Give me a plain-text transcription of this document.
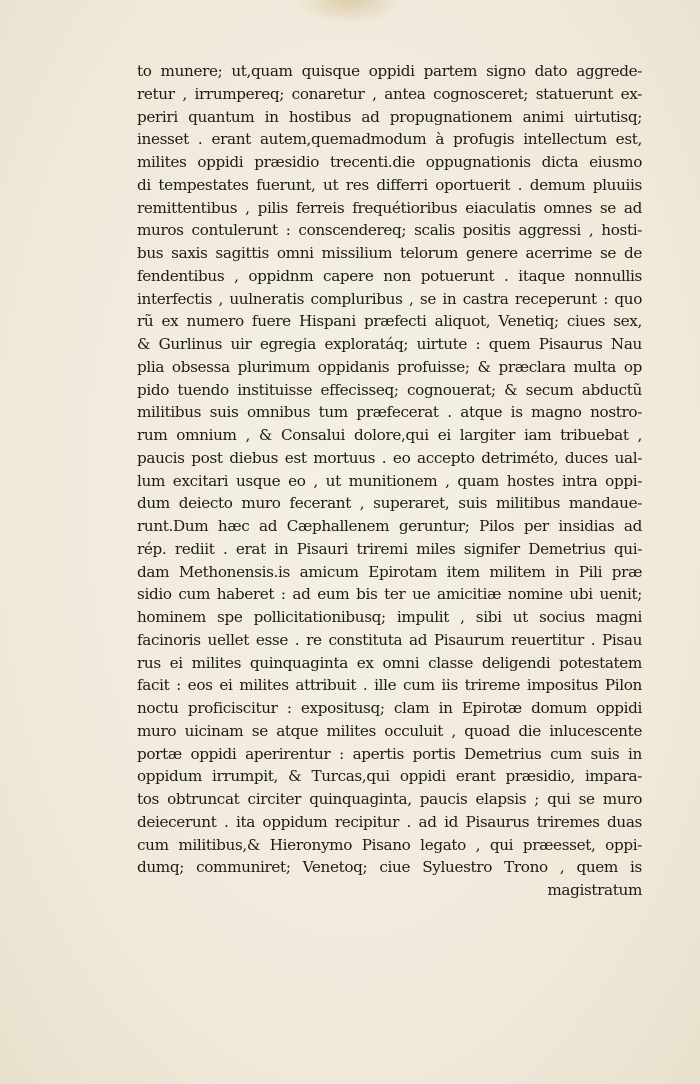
to munere; ut,quam quisque oppidi partem signo dato aggrede-
retur , irrumpereq; conaretur , antea cognosceret; statuerunt ex-
periri quantum in hostibus ad propugnationem animi uirtutisq;
inesset . erant autem,quemadmodum à profugis intellectum est,
milites oppidi præsidio trecenti.die oppugnationis dicta eiusmo
di tempestates fuerunt, ut res differri oportuerit . demum pluuiis
remittentibus , pilis ferreis frequétioribus eiaculatis omnes se ad
muros contulerunt : conscendereq; scalis positis aggressi , hosti-
bus saxis sagittis omni missilium telorum genere acerrime se de
fendentibus , oppidnm capere non potuerunt . itaque nonnullis
interfectis , uulneratis compluribus , se in castra receperunt : quo
rũ ex numero fuere Hispani præfecti aliquot, Venetiq; ciues sex,
& Gurlinus uir egregia exploratáq; uirtute : quem Pisaurus Nau
plia obsessa plurimum oppidanis profuisse; & præclara multa op
pido tuendo instituisse effecisseq; cognouerat; & secum abductũ
militibus suis omnibus tum præfecerat . atque is magno nostro-
rum omnium , & Consalui dolore,qui ei largiter iam tribuebat ,
paucis post diebus est mortuus . eo accepto detriméto, duces ual-
lum excitari usque eo , ut munitionem , quam hostes intra oppi-
dum deiecto muro fecerant , superaret, suis militibus mandaue-
runt.Dum hæc ad Cæphallenem geruntur; Pilos per insidias ad
rép. rediit . erat in Pisauri triremi miles signifer Demetrius qui-
dam Methonensis.is amicum Epirotam item militem in Pili præ
sidio cum haberet : ad eum bis ter ue amicitiæ nomine ubi uenit;
hominem spe pollicitationibusq; impulit , sibi ut socius magni
facinoris uellet esse . re constituta ad Pisaurum reuertitur . Pisau
rus ei milites quinquaginta ex omni classe deligendi potestatem
facit : eos ei milites attribuit . ille cum iis trireme impositus Pilon
noctu proficiscitur : expositusq; clam in Epirotæ domum oppidi
muro uicinam se atque milites occuluit , quoad die inlucescente
portæ oppidi aperirentur : apertis portis Demetrius cum suis in
oppidum irrumpit, & Turcas,qui oppidi erant præsidio, impara-
tos obtruncat circiter quinquaginta, paucis elapsis ; qui se muro
deiecerunt . ita oppidum recipitur . ad id Pisaurus triremes duas
cum militibus,& Hieronymo Pisano legato , qui præesset, oppi-
dumq; communiret; Venetoq; ciue Syluestro Trono , quem is
magistratum
